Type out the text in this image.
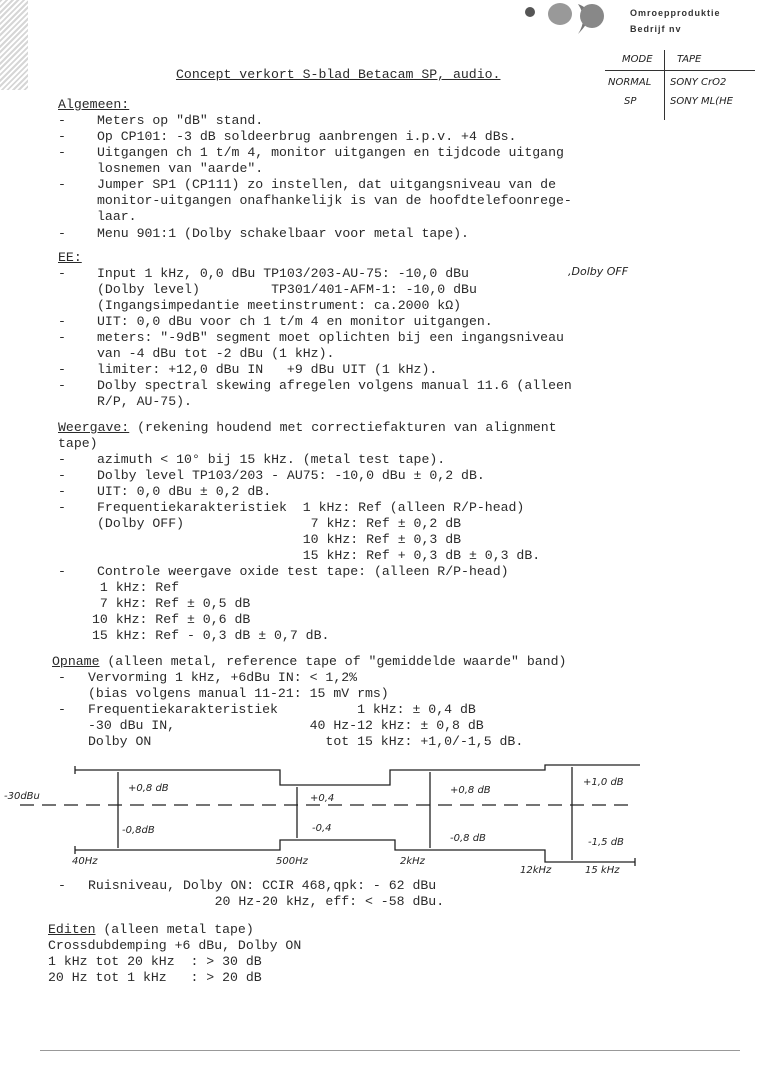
Omroepproduktie
Bedrijf nv
Concept verkort S-blad Betacam SP, audio.
MODE TAPE
NORMAL SONY CrO2
SP	SONY ML(HE
Algemeen:
- Meters op "dB" stand.
- Op CP101: -3 dB soldeerbrug aanbrengen i.p.v. +4 dBs.
- Uitgangen ch 1 t/m 4, monitor uitgangen en tijdcode uitgang
losnemen van "aarde".
- Jumper SP1 (CP111) zo instellen, dat uitgangsniveau van de
monitor-uitgangen onafhankelijk is van de hoofdtelefoonrege-
laar.
- Menu 901:1 (Dolby schakelbaar voor metal tape).
EE:
- Input 1 kHz, 0,0 dBu TP103/203-AU-75: -10,0 dBu	,Dolby OFF
(Dolby level)         TP301/401-AFM-1: -10,0 dBu
(Ingangsimpedantie meetinstrument: ca.2000 kΩ)
- UIT: 0,0 dBu voor ch 1 t/m 4 en monitor uitgangen.
- meters: "-9dB" segment moet oplichten bij een ingangsniveau
van -4 dBu tot -2 dBu (1 kHz).
- limiter: +12,0 dBu IN   +9 dBu UIT (1 kHz).
- Dolby spectral skewing afregelen volgens manual 11.6 (alleen
R/P, AU-75).
Weergave: (rekening houdend met correctiefakturen van alignment
tape)
- azimuth < 10° bij 15 kHz. (metal test tape).
- Dolby level TP103/203 - AU75: -10,0 dBu ± 0,2 dB.
- UIT: 0,0 dBu ± 0,2 dB.
- Frequentiekarakteristiek  1 kHz: Ref (alleen R/P-head)
(Dolby OFF)                7 kHz: Ref ± 0,2 dB
10 kHz: Ref ± 0,3 dB
15 kHz: Ref + 0,3 dB ± 0,3 dB.
- Controle weergave oxide test tape: (alleen R/P-head)
1 kHz: Ref
7 kHz: Ref ± 0,5 dB
10 kHz: Ref ± 0,6 dB
15 kHz: Ref - 0,3 dB ± 0,7 dB.
Opname (alleen metal, reference tape of "gemiddelde waarde" band)
- Vervorming 1 kHz, +6dBu IN: < 1,2%
(bias volgens manual 11-21: 15 mV rms)
- Frequentiekarakteristiek          1 kHz: ± 0,4 dB
-30 dBu IN,                 40 Hz-12 kHz: ± 0,8 dB
Dolby ON                      tot 15 kHz: +1,0/-1,5 dB.
-30dBu
+0,8 dB
-0,8dB
+0,4
-0,4
+0,8 dB
-0,8 dB
+1,0 dB
-1,5 dB
40Hz	500Hz	2kHz
12kHz	15 kHz
- Ruisniveau, Dolby ON: CCIR 468,qpk: - 62 dBu
20 Hz-20 kHz, eff: < -58 dBu.
Editen (alleen metal tape)
Crossdubdemping +6 dBu, Dolby ON
1 kHz tot 20 kHz  : > 30 dB
20 Hz tot 1 kHz   : > 20 dB
